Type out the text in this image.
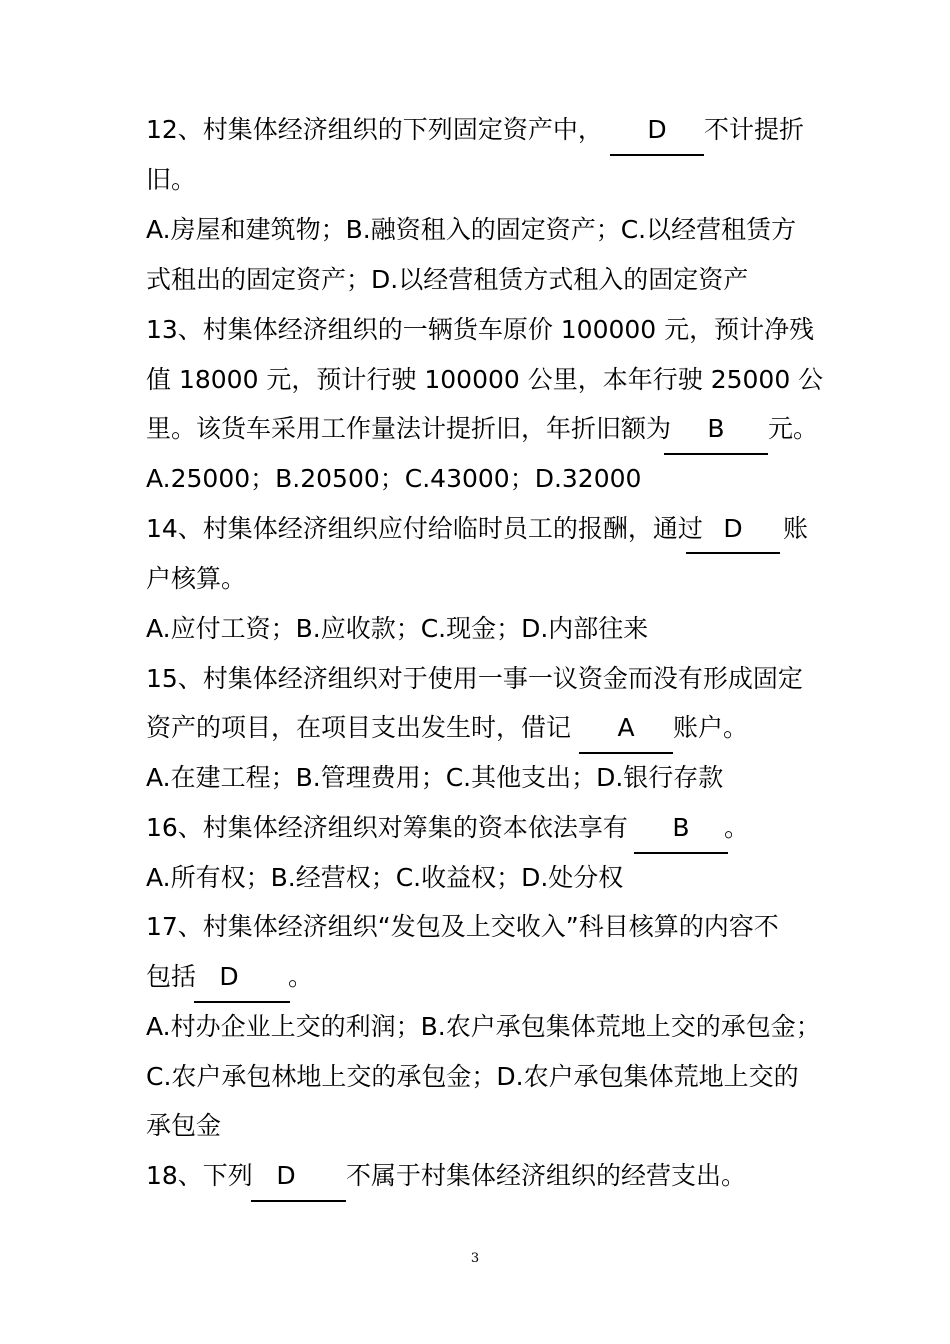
12、村集体经济组织的下列固定资产中，	D	不计提折
旧。
A.房屋和建筑物；B.融资租入的固定资产；C.以经营租赁方
式租出的固定资产；D.以经营租赁方式租入的固定资产
13、村集体经济组织的一辆货车原价 100000 元，预计净残
值 18000 元，预计行驶 100000 公里，本年行驶 25000 公
里。该货车采用工作量法计提折旧，年折旧额为	B	元。
A.25000；B.20500；C.43000；D.32000
14、村集体经济组织应付给临时员工的报酬，通过 D	账
户核算。
A.应付工资；B.应收款；C.现金；D.内部往来
15、村集体经济组织对于使用一事一议资金而没有形成固定
资产的项目，在项目支出发生时，借记	A	账户。
A.在建工程；B.管理费用；C.其他支出；D.银行存款
16、村集体经济组织对筹集的资本依法享有	B	。
A.所有权；B.经营权；C.收益权；D.处分权
17、村集体经济组织“发包及上交收入”科目核算的内容不
包括 D	。
A.村办企业上交的利润；B.农户承包集体荒地上交的承包金；
C.农户承包林地上交的承包金；D.农户承包集体荒地上交的
承包金
18、下列 D	不属于村集体经济组织的经营支出。
3
